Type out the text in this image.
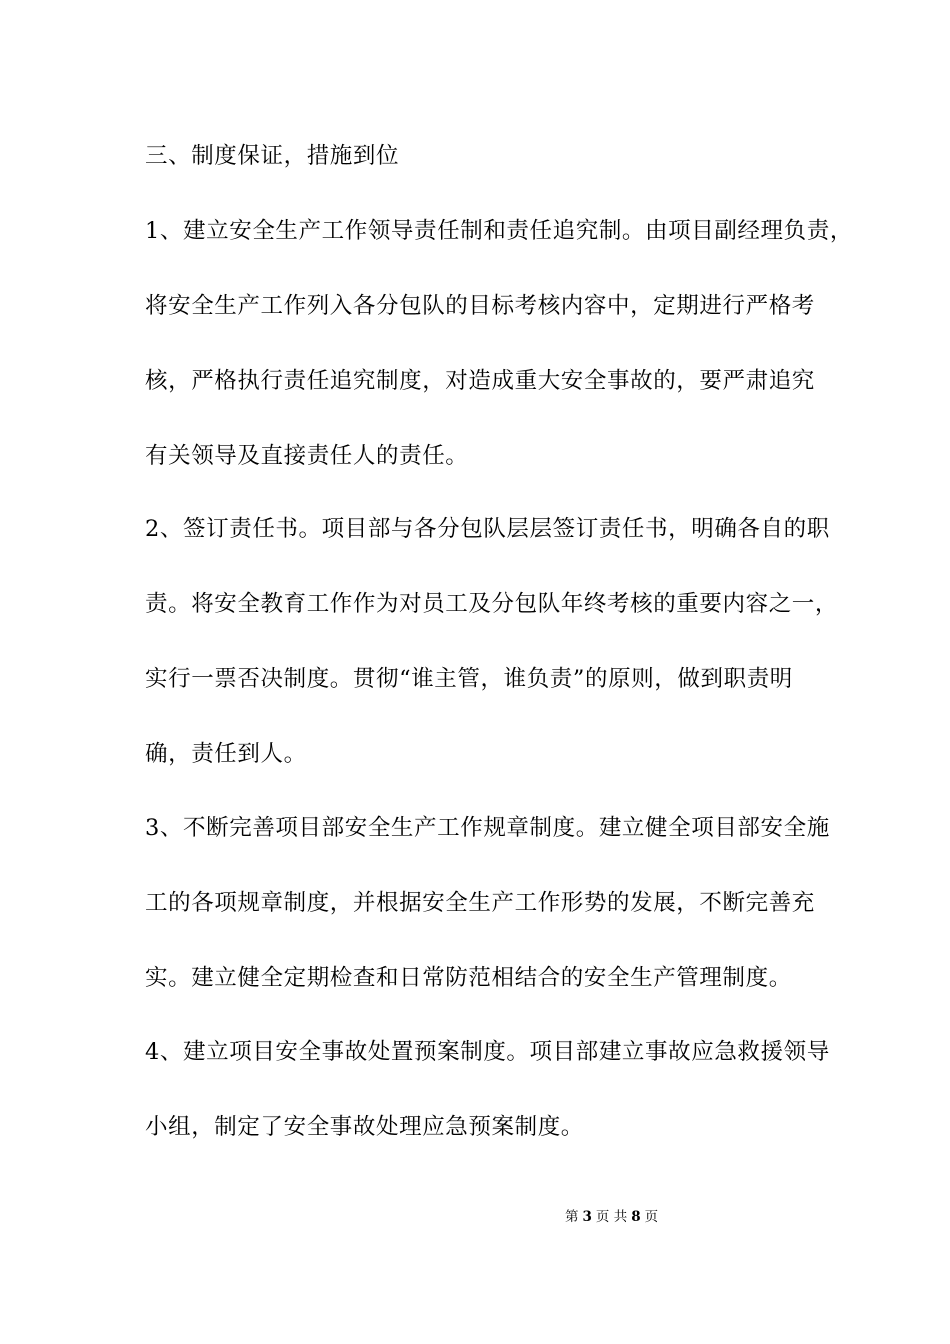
三、制度保证，措施到位
1、建立安全生产工作领导责任制和责任追究制。由项目副经理负责，
将安全生产工作列入各分包队的目标考核内容中，定期进行严格考
核，严格执行责任追究制度，对造成重大安全事故的，要严肃追究
有关领导及直接责任人的责任。
2、签订责任书。项目部与各分包队层层签订责任书，明确各自的职
责。将安全教育工作作为对员工及分包队年终考核的重要内容之一，
实行一票否决制度。贯彻“谁主管，谁负责”的原则，做到职责明
确，责任到人。
3、不断完善项目部安全生产工作规章制度。建立健全项目部安全施
工的各项规章制度，并根据安全生产工作形势的发展，不断完善充
实。建立健全定期检查和日常防范相结合的安全生产管理制度。
4、建立项目安全事故处置预案制度。项目部建立事故应急救援领导
小组，制定了安全事故处理应急预案制度。
第 3 页 共 8 页
